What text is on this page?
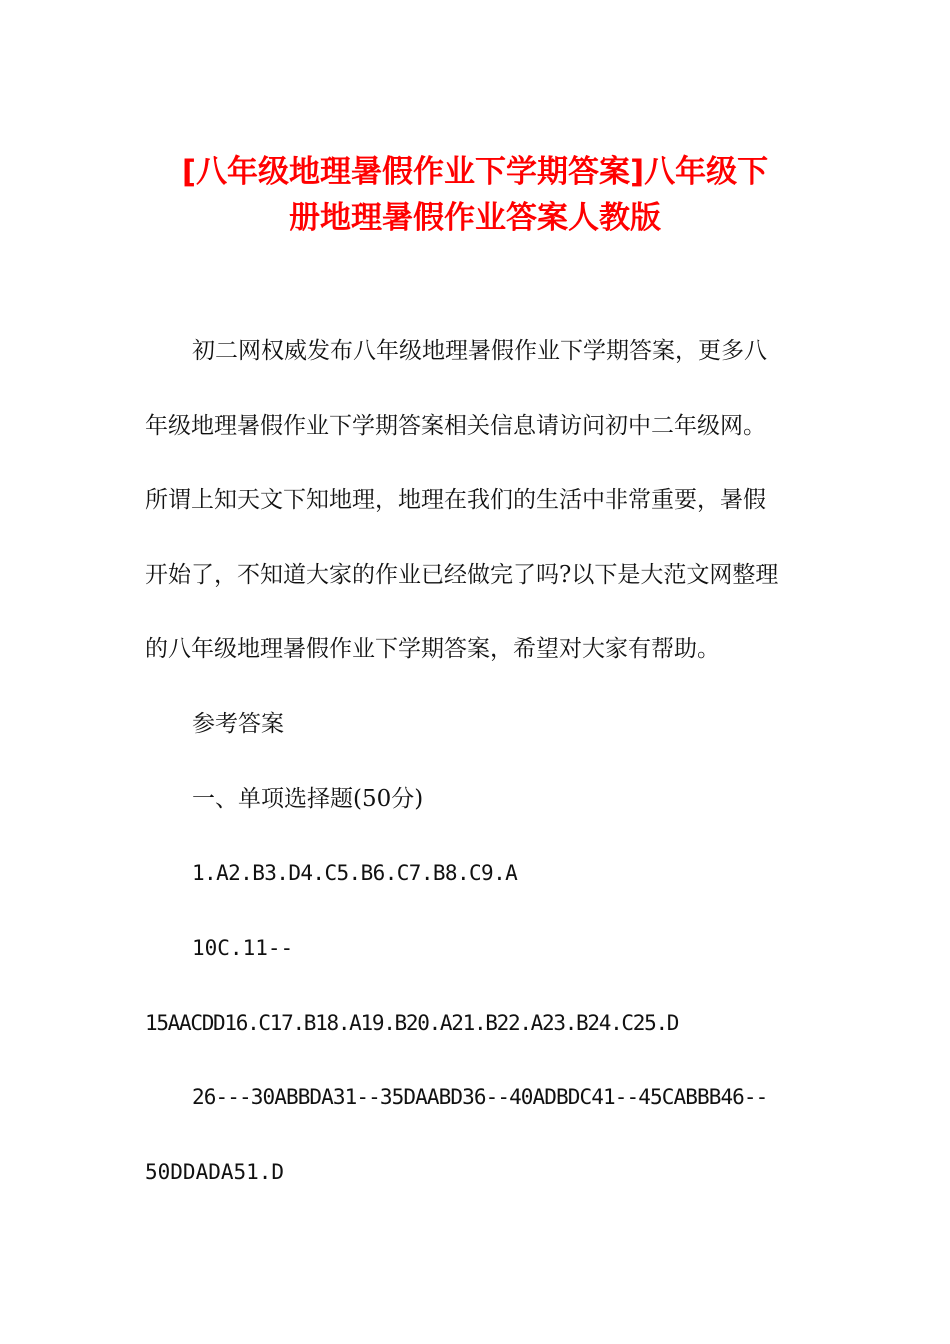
[八年级地理暑假作业下学期答案]八年级下
册地理暑假作业答案人教版

初二网权威发布八年级地理暑假作业下学期答案，更多八

年级地理暑假作业下学期答案相关信息请访问初中二年级网。

所谓上知天文下知地理，地理在我们的生活中非常重要，暑假

开始了，不知道大家的作业已经做完了吗?以下是大范文网整理

的八年级地理暑假作业下学期答案，希望对大家有帮助。

参考答案

一、单项选择题(50分)

1.A2.B3.D4.C5.B6.C7.B8.C9.A

10C.11--

15AACDD16.C17.B18.A19.B20.A21.B22.A23.B24.C25.D

26---30ABBDA31--35DAABD36--40ADBDC41--45CABBB46--

50DDADA51.D
